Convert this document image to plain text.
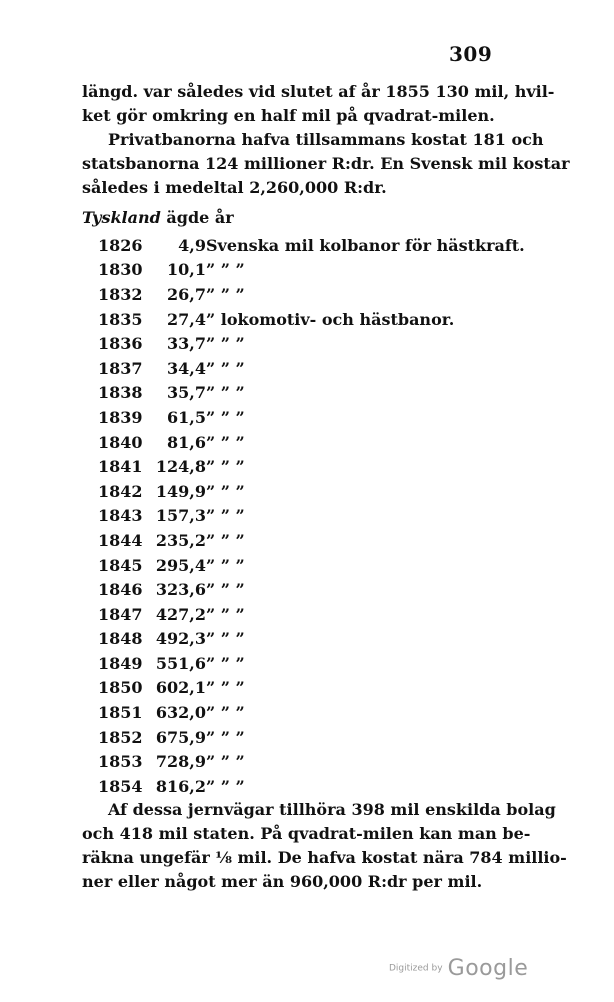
309

längd. var således vid slutet af år 1855 130 mil, hvil-

ket gör omkring en half mil på qvadrat-milen.

Privatbanorna hafva tillsammans kostat 181 och

statsbanorna 124 millioner R:dr. En Svensk mil kostar

således i medeltal 2,260,000 R:dr.

Tyskland ägde år
1826	4,9	Svenska mil kolbanor för hästkraft.
1830	10,1	” ” ”
1832	26,7	” ” ”
1835	27,4	” lokomotiv- och hästbanor.
1836	33,7	” ” ”
1837	34,4	” ” ”
1838	35,7	” ” ”
1839	61,5	” ” ”
1840	81,6	” ” ”
1841	124,8	” ” ”
1842	149,9	” ” ”
1843	157,3	” ” ”
1844	235,2	” ” ”
1845	295,4	” ” ”
1846	323,6	” ” ”
1847	427,2	” ” ”
1848	492,3	” ” ”
1849	551,6	” ” ”
1850	602,1	” ” ”
1851	632,0	” ” ”
1852	675,9	” ” ”
1853	728,9	” ” ”
1854	816,2	” ” ”

Af dessa jernvägar tillhöra 398 mil enskilda bolag

och 418 mil staten. På qvadrat-milen kan man be-

räkna ungefär ⅛ mil. De hafva kostat nära 784 millio-

ner eller något mer än 960,000 R:dr per mil.

Digitized by Google
